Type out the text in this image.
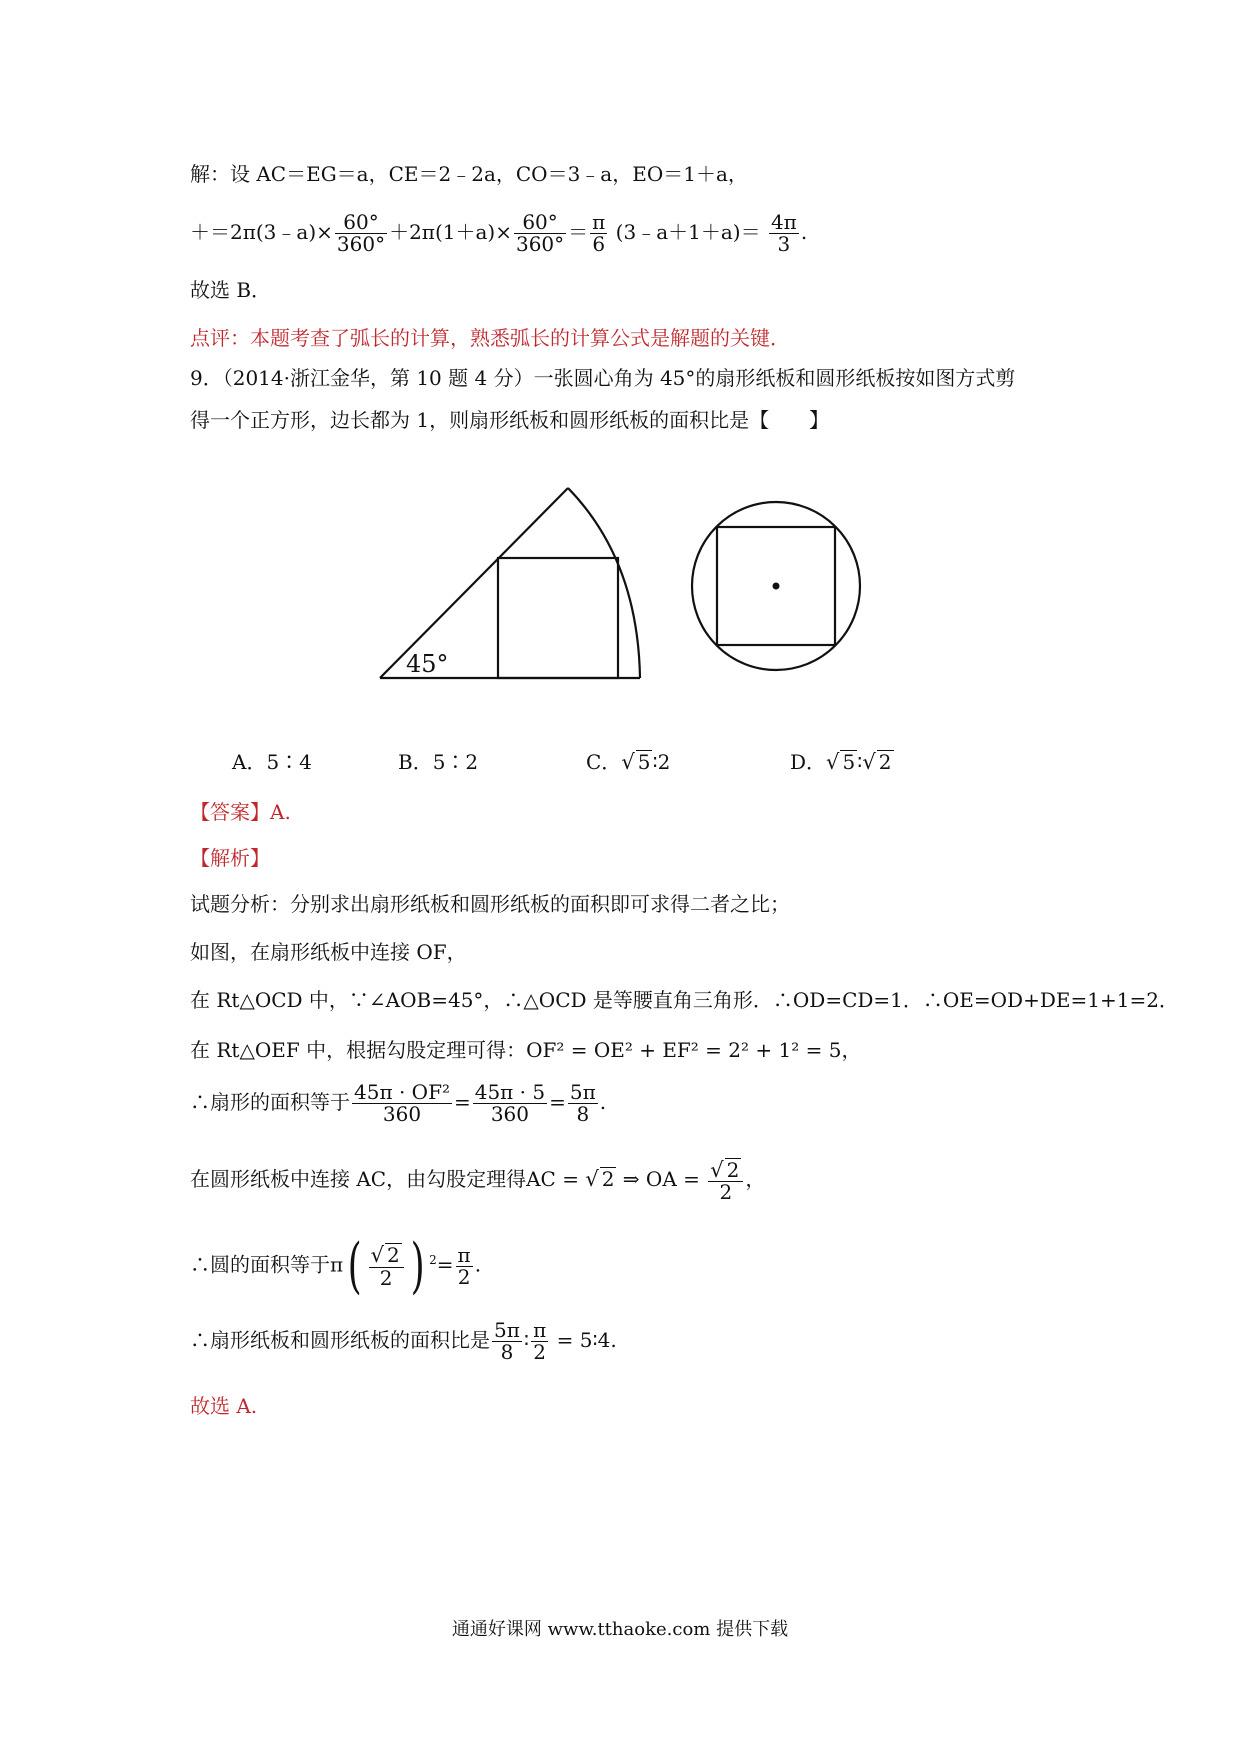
解：设 AC＝EG＝a，CE＝2﹣2a，CO＝3﹣a，EO＝1＋a，
＋＝2π(3﹣a)× $\frac{60^\circ}{360^\circ} +2\pi(1+a)\times \frac{60^\circ}{360^\circ} = \frac{\pi}{6}$ (3﹣a＋1＋a)＝ $\frac{4\pi}{3}$ .
故选 B．
点评：本题考查了弧长的计算，熟悉弧长的计算公式是解题的关键．
9．（2014·浙江金华，第 10 题 4 分）一张圆心角为 45°的扇形纸板和圆形纸板按如图方式剪
得一个正方形，边长都为 1，则扇形纸板和圆形纸板的面积比是【　　】
45°
A．5∶4	B．5∶2	C．√ 5 ∶2	D．√ 5 ∶√ 2
【答案】A.
【解析】
试题分析：分别求出扇形纸板和圆形纸板的面积即可求得二者之比；
如图，在扇形纸板中连接 OF，
在 Rt△OCD 中，∵∠AOB=45°，∴△OCD 是等腰直角三角形．∴OD=CD=1．∴OE=OD+DE=1+1=2．
在 Rt△OEF 中，根据勾股定理可得：OF² = OE² + EF² = 2² + 1² = 5，
∴扇形的面积等于 $\frac{\text{45π · OF²}}{360} = \frac{45\pi \cdot 5}{360} = \frac{5\pi}{8}$ .
在圆形纸板中连接 AC，由勾股定理得AC = √ 2 ⇒ OA = $\frac{√ 2}{2}$ ，
∴圆的面积等于$\pi( \frac{√ 2}{2}$ ) $^2= \frac{\pi}{2}$ .
∴扇形纸板和圆形纸板的面积比是 $\frac{5\pi}{8}$ ∶ $\frac{\pi}{2}$ = 5∶4.
故选 A.
通通好课网 www.tthaoke.com 提供下载
